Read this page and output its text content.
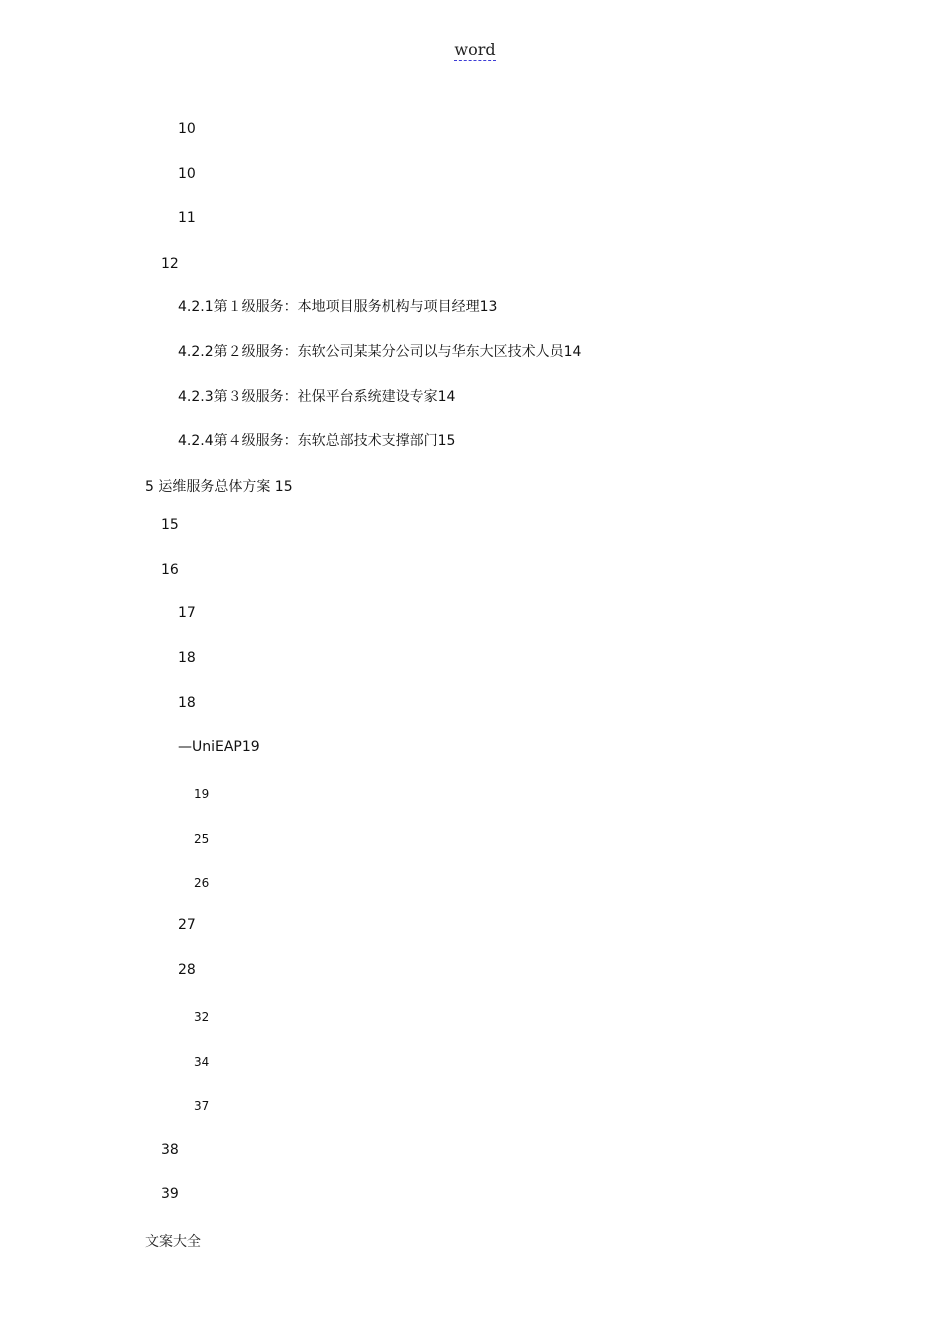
word
10
10
11
12
4.2.1第１级服务：本地项目服务机构与项目经理13
4.2.2第２级服务：东软公司某某分公司以与华东大区技术人员14
4.2.3第３级服务：社保平台系统建设专家14
4.2.4第４级服务：东软总部技术支撑部门15
5 运维服务总体方案 15
15
16
17
18
18
—UniEAP19
19
25
26
27
28
32
34
37
38
39
文案大全
